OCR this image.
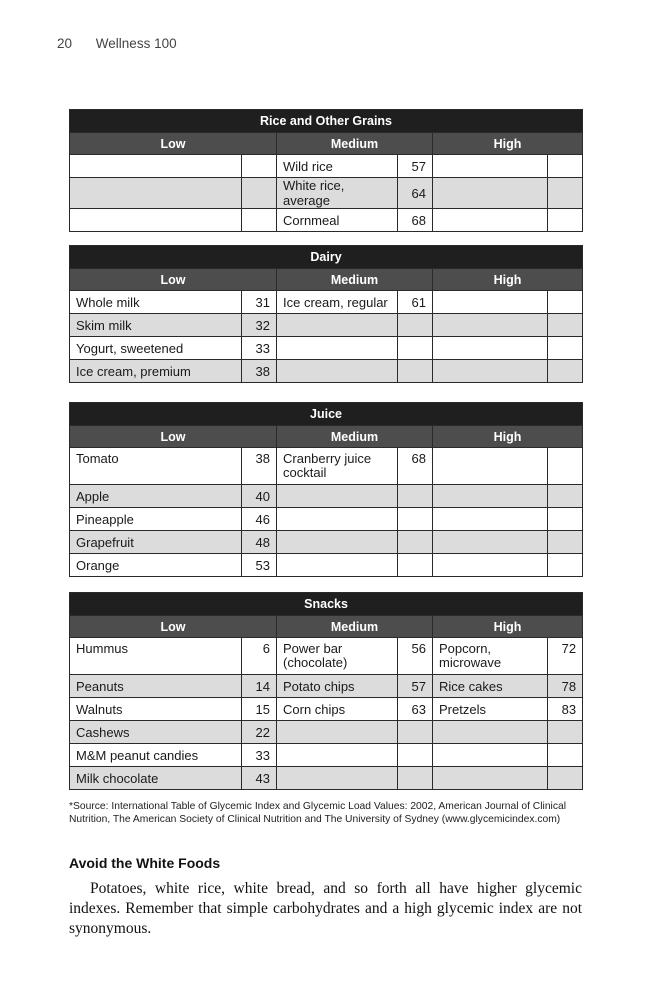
20 Wellness 100
Rice and Other Grains					
Low		Medium		High	
		Wild rice	57		
		White rice, average	64		
		Cornmeal	68		
Dairy					
Low		Medium		High	
Whole milk	31	Ice cream, regular	61		
Skim milk	32				
Yogurt, sweetened	33				
Ice cream, premium	38				
Juice					
Low		Medium		High	
Tomato	38	Cranberry juice cocktail	68		
Apple	40				
Pineapple	46				
Grapefruit	48				
Orange	53				
Snacks					
Low		Medium		High	
Hummus	6	Power bar (chocolate)	56	Popcorn, microwave	72
Peanuts	14	Potato chips	57	Rice cakes	78
Walnuts	15	Corn chips	63	Pretzels	83
Cashews	22				
M&M peanut candies	33				
Milk chocolate	43				
*Source: International Table of Glycemic Index and Glycemic Load Values: 2002, American Journal of Clinical Nutrition, The American Society of Clinical Nutrition and The University of Sydney (www.glycemicindex.com)
Avoid the White Foods
Potatoes, white rice, white bread, and so forth all have higher glycemic indexes. Remember that simple carbohydrates and a high glycemic index are not synonymous.
